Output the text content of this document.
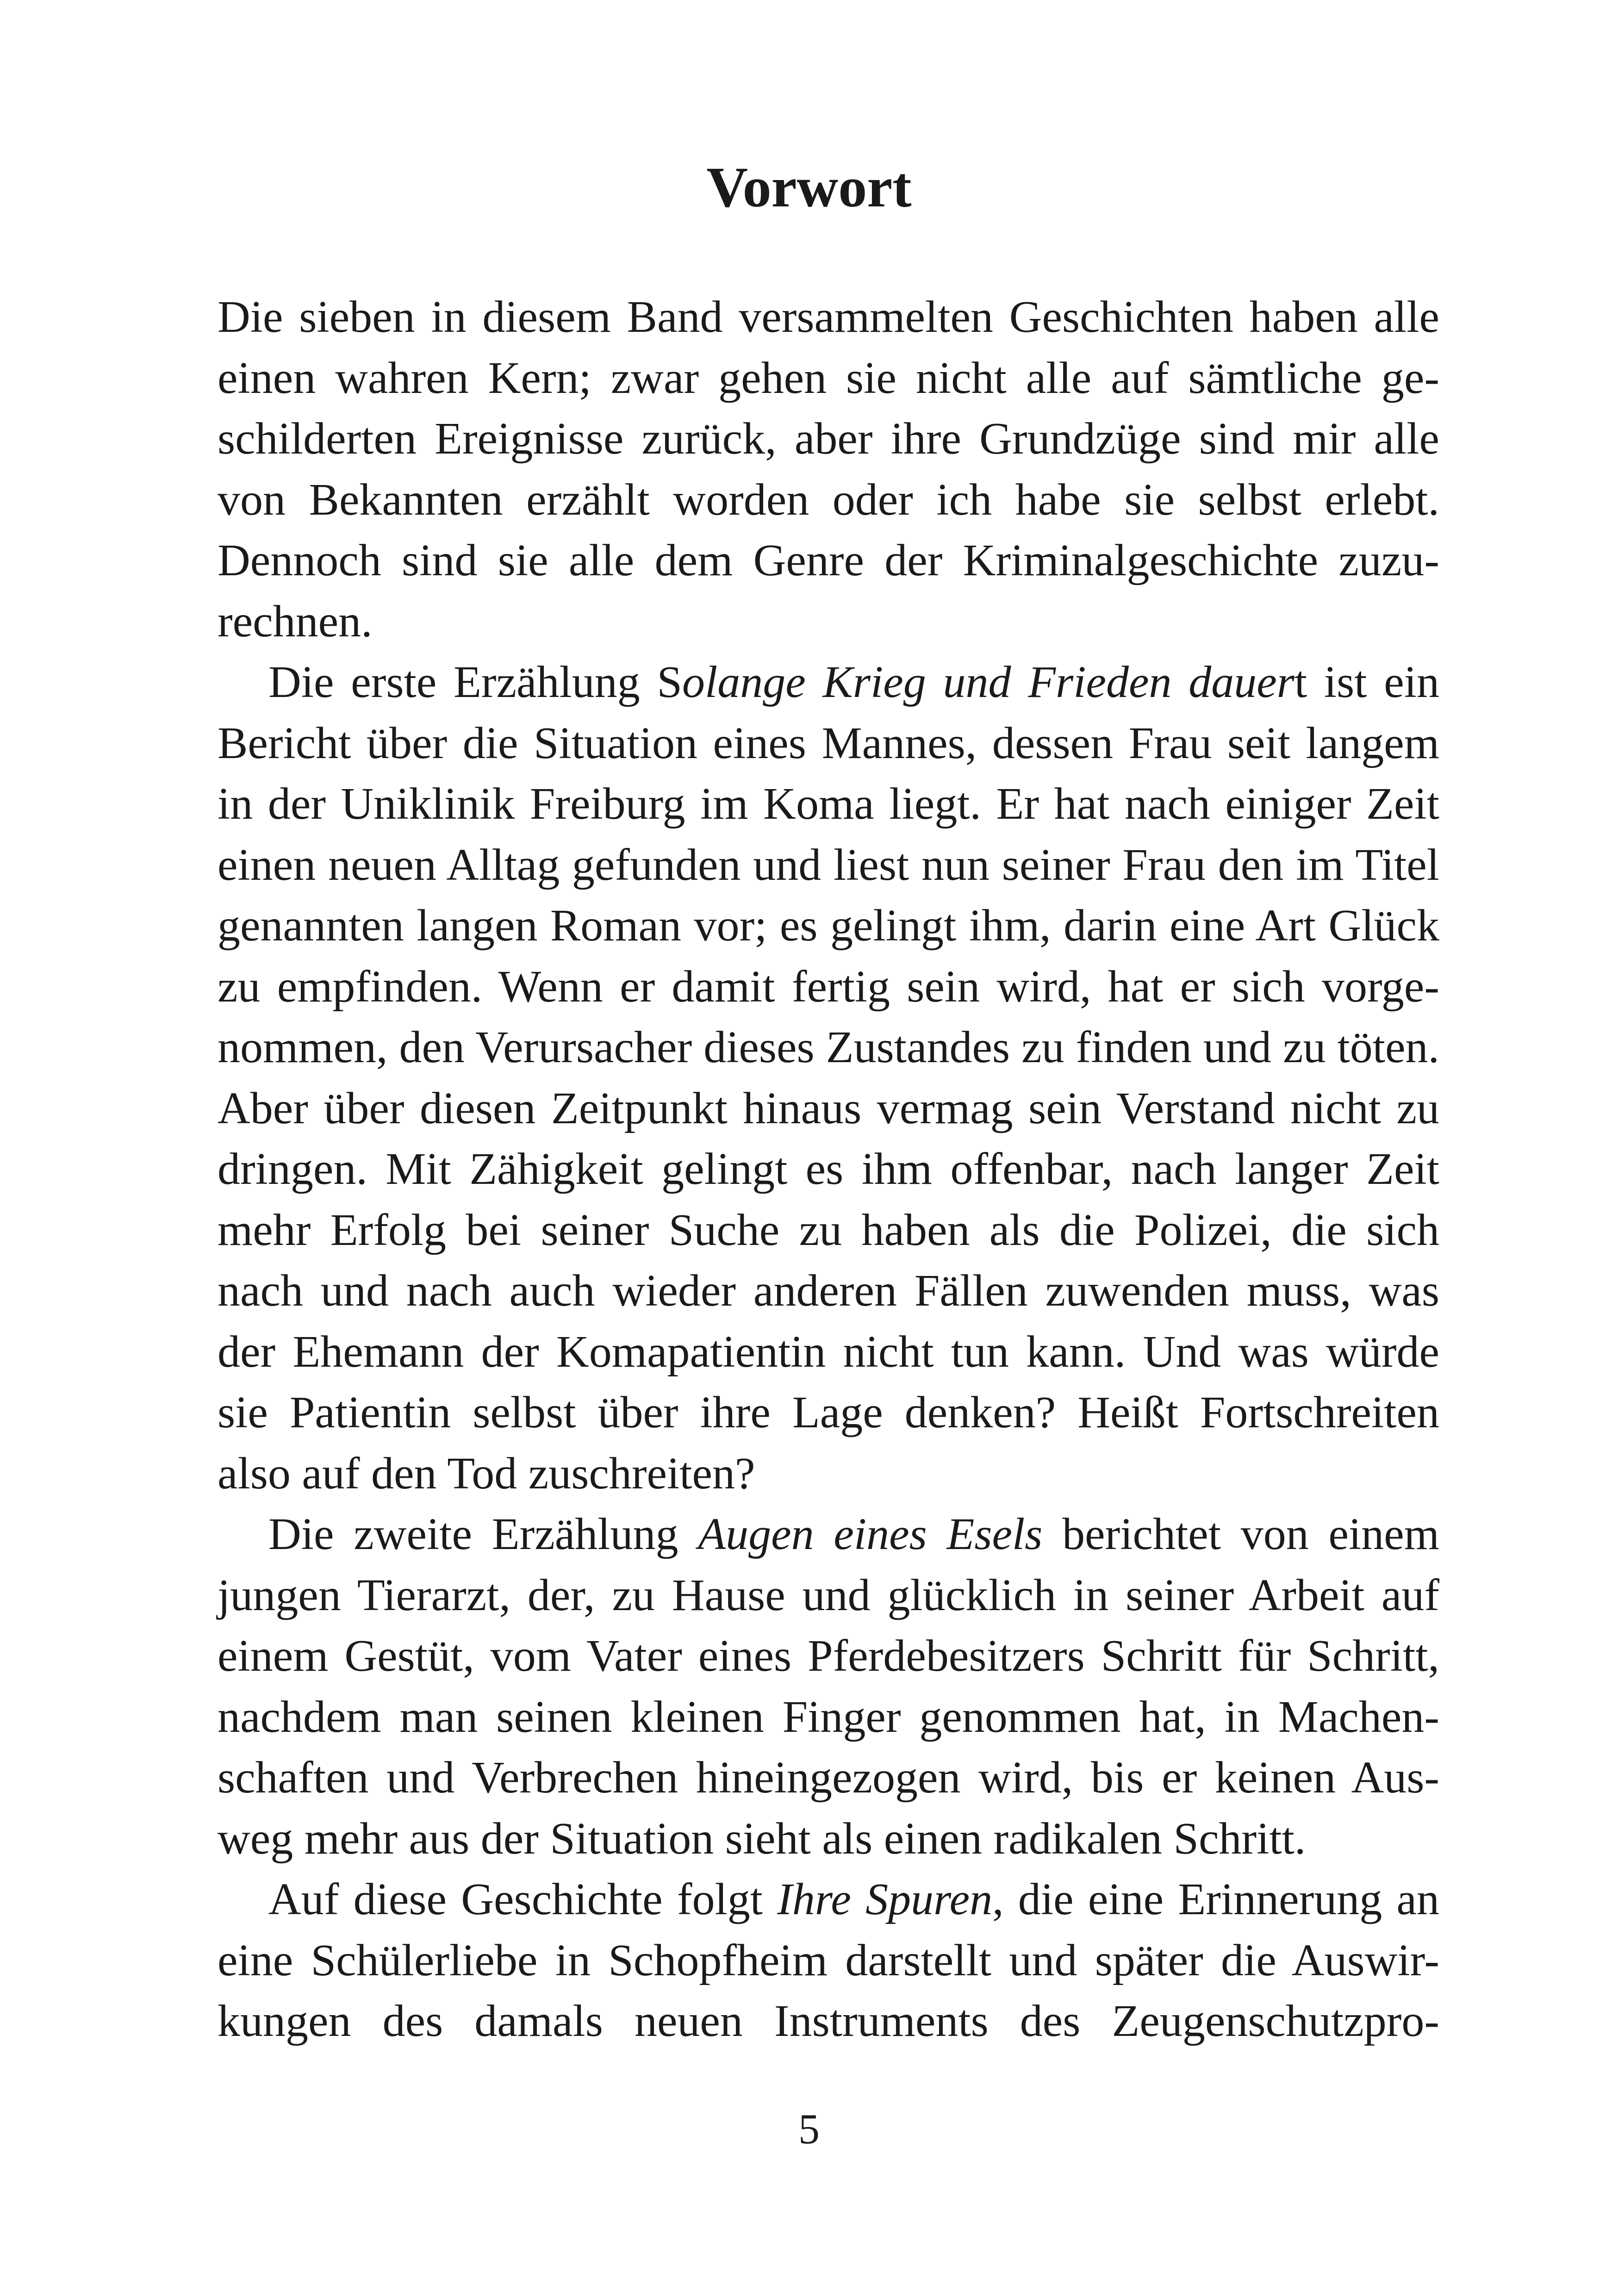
Vorwort
Die sieben in diesem Band versammelten Geschichten haben alle
einen wahren Kern; zwar gehen sie nicht alle auf sämtliche ge-
schilderten Ereignisse zurück, aber ihre Grundzüge sind mir alle
von Bekannten erzählt worden oder ich habe sie selbst erlebt.
Dennoch sind sie alle dem Genre der Kriminalgeschichte zuzu-
rechnen.
Die erste Erzählung Solange Krieg und Frieden dauert ist ein
Bericht über die Situation eines Mannes, dessen Frau seit langem
in der Uniklinik Freiburg im Koma liegt. Er hat nach einiger Zeit
einen neuen Alltag gefunden und liest nun seiner Frau den im Titel
genannten langen Roman vor; es gelingt ihm, darin eine Art Glück
zu empfinden. Wenn er damit fertig sein wird, hat er sich vorge-
nommen, den Verursacher dieses Zustandes zu finden und zu töten.
Aber über diesen Zeitpunkt hinaus vermag sein Verstand nicht zu
dringen. Mit Zähigkeit gelingt es ihm offenbar, nach langer Zeit
mehr Erfolg bei seiner Suche zu haben als die Polizei, die sich
nach und nach auch wieder anderen Fällen zuwenden muss, was
der Ehemann der Komapatientin nicht tun kann. Und was würde
sie Patientin selbst über ihre Lage denken? Heißt Fortschreiten
also auf den Tod zuschreiten?
Die zweite Erzählung Augen eines Esels berichtet von einem
jungen Tierarzt, der, zu Hause und glücklich in seiner Arbeit auf
einem Gestüt, vom Vater eines Pferdebesitzers Schritt für Schritt,
nachdem man seinen kleinen Finger genommen hat, in Machen-
schaften und Verbrechen hineingezogen wird, bis er keinen Aus-
weg mehr aus der Situation sieht als einen radikalen Schritt.
Auf diese Geschichte folgt Ihre Spuren, die eine Erinnerung an
eine Schülerliebe in Schopfheim darstellt und später die Auswir-
kungen des damals neuen Instruments des Zeugenschutzpro-
5
